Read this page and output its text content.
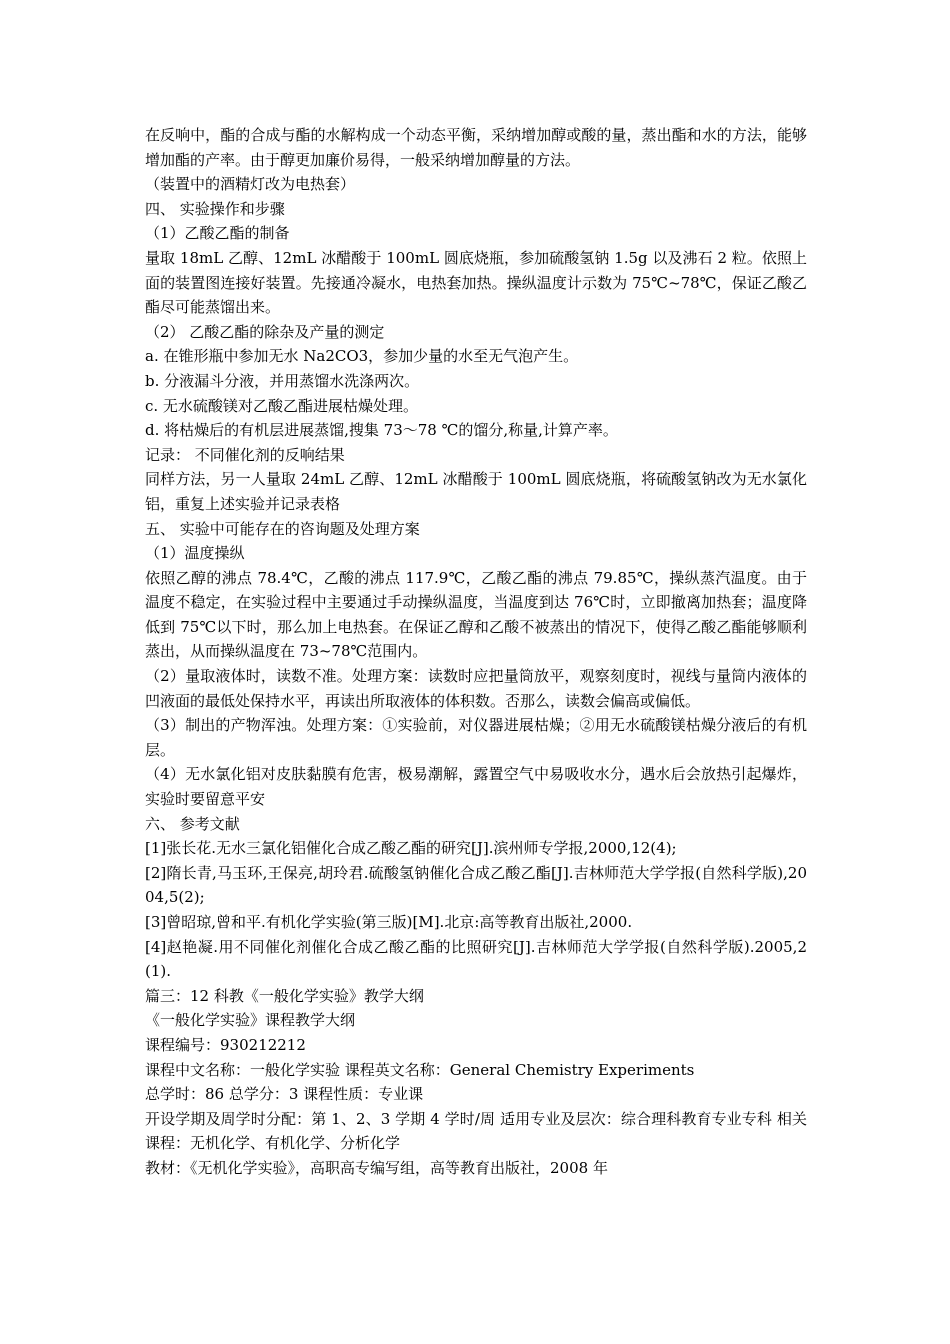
在反响中，酯的合成与酯的水解构成一个动态平衡，采纳增加醇或酸的量，蒸出酯和水的方法，能够增加酯的产率。由于醇更加廉价易得，一般采纳增加醇量的方法。

（装置中的酒精灯改为电热套）

四、 实验操作和步骤

（1）乙酸乙酯的制备

量取 18mL 乙醇、12mL 冰醋酸于 100mL 圆底烧瓶，参加硫酸氢钠 1.5g 以及沸石 2 粒。依照上面的装置图连接好装置。先接通冷凝水，电热套加热。操纵温度计示数为 75℃~78℃，保证乙酸乙酯尽可能蒸馏出来。

（2） 乙酸乙酯的除杂及产量的测定

a. 在锥形瓶中参加无水 Na2CO3，参加少量的水至无气泡产生。

b. 分液漏斗分液，并用蒸馏水洗涤两次。

c. 无水硫酸镁对乙酸乙酯进展枯燥处理。

d. 将枯燥后的有机层进展蒸馏,搜集 73～78 ℃的馏分,称量,计算产率。

记录： 不同催化剂的反响结果

同样方法，另一人量取 24mL 乙醇、12mL 冰醋酸于 100mL 圆底烧瓶，将硫酸氢钠改为无水氯化铝，重复上述实验并记录表格

五、 实验中可能存在的咨询题及处理方案

（1）温度操纵

依照乙醇的沸点 78.4℃，乙酸的沸点 117.9℃，乙酸乙酯的沸点 79.85℃，操纵蒸汽温度。由于温度不稳定，在实验过程中主要通过手动操纵温度，当温度到达 76℃时，立即撤离加热套；温度降低到 75℃以下时，那么加上电热套。在保证乙醇和乙酸不被蒸出的情况下，使得乙酸乙酯能够顺利蒸出，从而操纵温度在 73~78℃范围内。

（2）量取液体时，读数不准。处理方案：读数时应把量筒放平，观察刻度时，视线与量筒内液体的凹液面的最低处保持水平，再读出所取液体的体积数。否那么，读数会偏高或偏低。

（3）制出的产物浑浊。处理方案：①实验前，对仪器进展枯燥；②用无水硫酸镁枯燥分液后的有机层。

（4）无水氯化铝对皮肤黏膜有危害，极易潮解，露置空气中易吸收水分，遇水后会放热引起爆炸，实验时要留意平安

六、 参考文献

[1]张长花.无水三氯化铝催化合成乙酸乙酯的研究[J].滨州师专学报,2000,12(4);

[2]隋长青,马玉环,王保亮,胡玲君.硫酸氢钠催化合成乙酸乙酯[J].吉林师范大学学报(自然科学版),2004,5(2);

[3]曾昭琼,曾和平.有机化学实验(第三版)[M].北京:高等教育出版社,2000.

[4]赵艳凝.用不同催化剂催化合成乙酸乙酯的比照研究[J].吉林师范大学学报(自然科学版).2005,2(1).

篇三：12 科教《一般化学实验》教学大纲

《一般化学实验》课程教学大纲

课程编号：930212212

课程中文名称：一般化学实验 课程英文名称：General Chemistry Experiments

总学时：86 总学分：3 课程性质：专业课

开设学期及周学时分配：第 1、2、3 学期 4 学时/周 适用专业及层次：综合理科教育专业专科 相关课程：无机化学、有机化学、分析化学

教材：《无机化学实验》，高职高专编写组，高等教育出版社，2008 年
